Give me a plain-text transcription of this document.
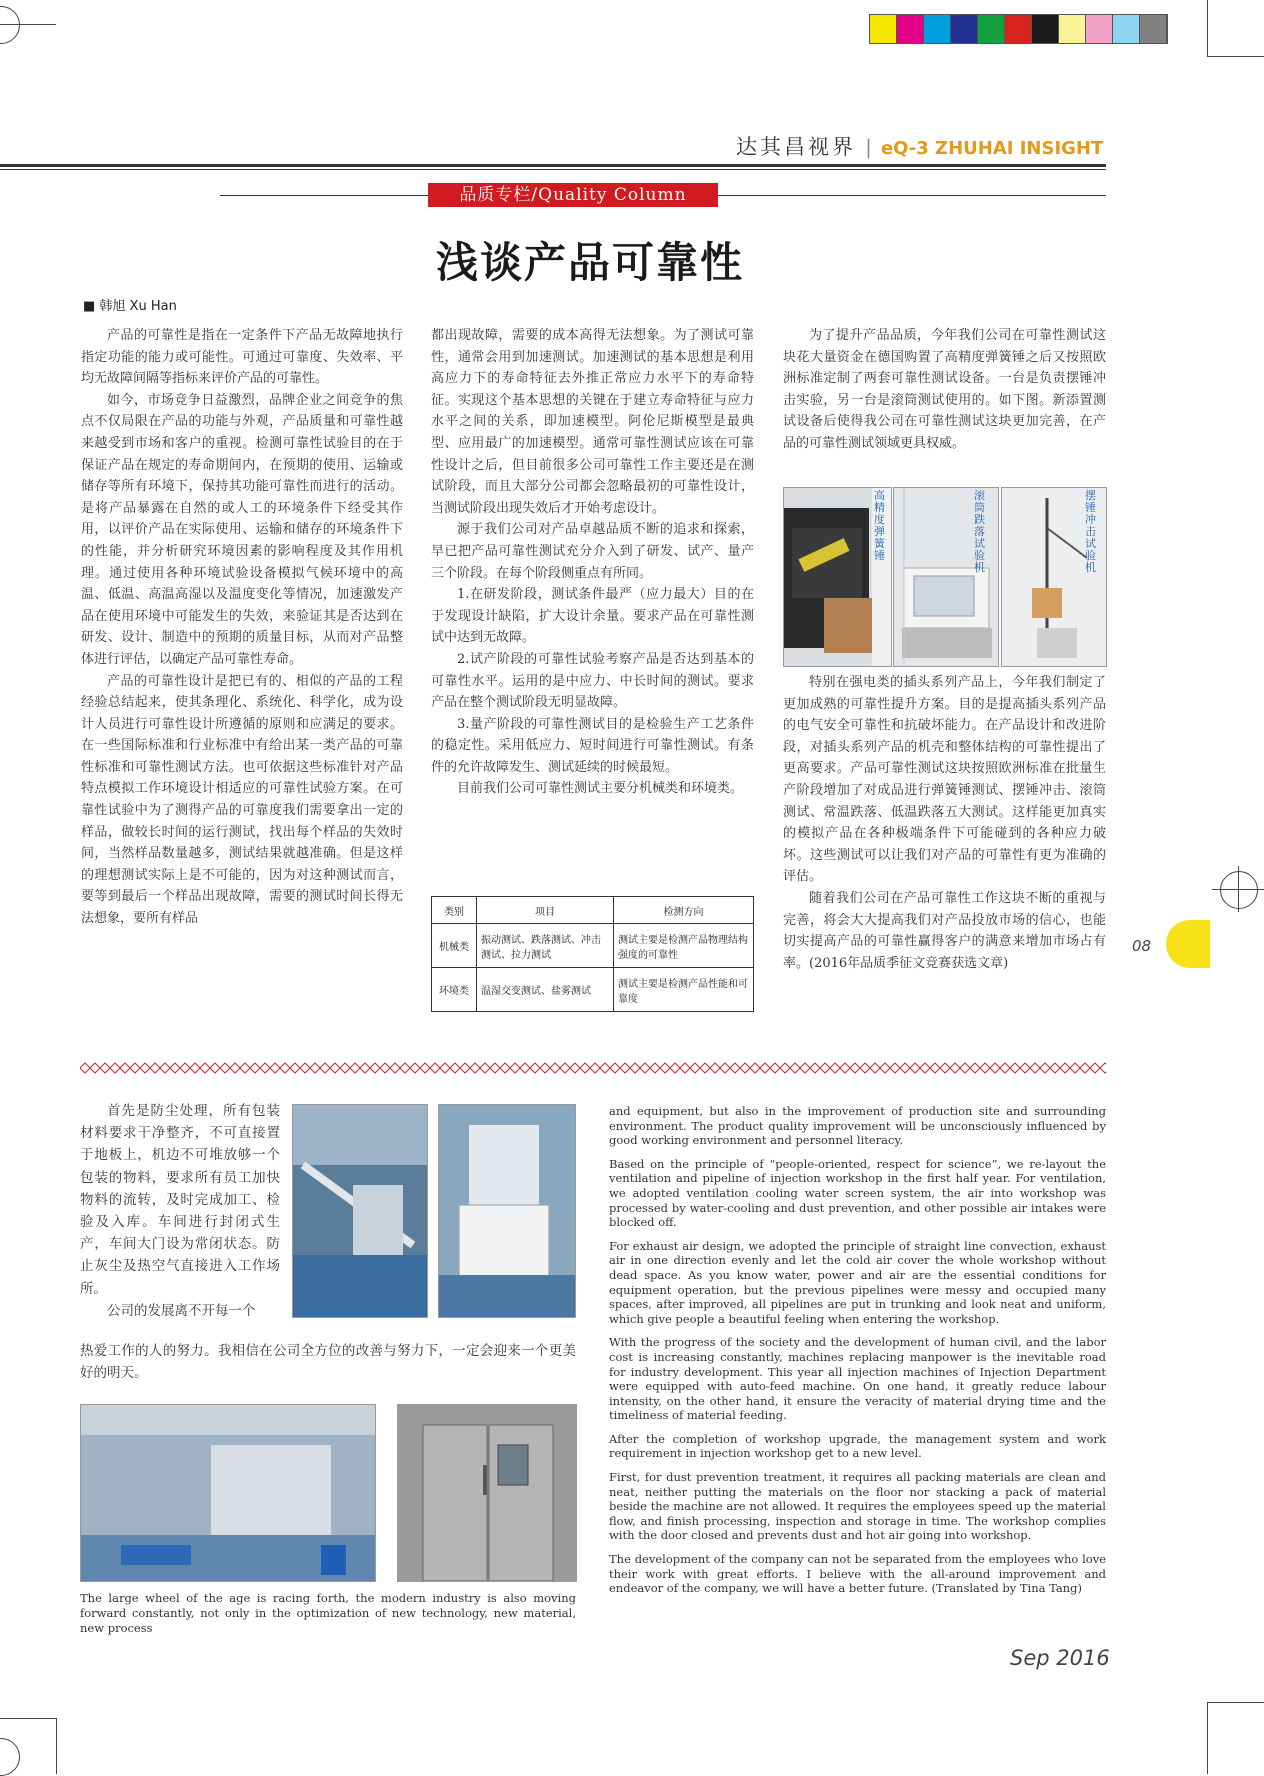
达其昌视界 | eQ-3 ZHUHAI INSIGHT
品质专栏/Quality Column
浅谈产品可靠性
■ 韩旭 Xu Han

产品的可靠性是指在一定条件下产品无故障地执行指定功能的能力或可能性。可通过可靠度、失效率、平均无故障间隔等指标来评价产品的可靠性。

如今，市场竞争日益激烈，品牌企业之间竞争的焦点不仅局限在产品的功能与外观，产品质量和可靠性越来越受到市场和客户的重视。检测可靠性试验目的在于保证产品在规定的寿命期间内，在预期的使用、运输或储存等所有环境下，保持其功能可靠性而进行的活动。是将产品暴露在自然的或人工的环境条件下经受其作用，以评价产品在实际使用、运输和储存的环境条件下的性能，并分析研究环境因素的影响程度及其作用机理。通过使用各种环境试验设备模拟气候环境中的高温、低温、高温高湿以及温度变化等情况，加速激发产品在使用环境中可能发生的失效，来验证其是否达到在研发、设计、制造中的预期的质量目标，从而对产品整体进行评估，以确定产品可靠性寿命。

产品的可靠性设计是把已有的、相似的产品的工程经验总结起来，使其条理化、系统化、科学化，成为设计人员进行可靠性设计所遵循的原则和应满足的要求。在一些国际标准和行业标准中有给出某一类产品的可靠性标准和可靠性测试方法。也可依据这些标准针对产品特点模拟工作环境设计相适应的可靠性试验方案。在可靠性试验中为了测得产品的可靠度我们需要拿出一定的样品，做较长时间的运行测试，找出每个样品的失效时间，当然样品数量越多，测试结果就越准确。但是这样的理想测试实际上是不可能的，因为对这种测试而言，要等到最后一个样品出现故障，需要的测试时间长得无法想象，要所有样品

都出现故障，需要的成本高得无法想象。为了测试可靠性，通常会用到加速测试。加速测试的基本思想是利用高应力下的寿命特征去外推正常应力水平下的寿命特征。实现这个基本思想的关键在于建立寿命特征与应力水平之间的关系，即加速模型。阿伦尼斯模型是最典型、应用最广的加速模型。通常可靠性测试应该在可靠性设计之后，但目前很多公司可靠性工作主要还是在测试阶段，而且大部分公司都会忽略最初的可靠性设计，当测试阶段出现失效后才开始考虑设计。

源于我们公司对产品卓越品质不断的追求和探索，早已把产品可靠性测试充分介入到了研发、试产、量产三个阶段。在每个阶段侧重点有所同。

1.在研发阶段，测试条件最严（应力最大）目的在于发现设计缺陷，扩大设计余量。要求产品在可靠性测试中达到无故障。

2.试产阶段的可靠性试验考察产品是否达到基本的可靠性水平。运用的是中应力、中长时间的测试。要求产品在整个测试阶段无明显故障。

3.量产阶段的可靠性测试目的是检验生产工艺条件的稳定性。采用低应力、短时间进行可靠性测试。有条件的允许故障发生、测试延续的时候最短。

目前我们公司可靠性测试主要分机械类和环境类。

类别	项目	检测方向
机械类	振动测试、跌落测试、冲击测试、拉力测试	测试主要是检测产品物理结构强度的可靠性
环境类	温湿交变测试、盐雾测试	测试主要是检测产品性能和可靠度

为了提升产品品质，今年我们公司在可靠性测试这块花大量资金在德国购置了高精度弹簧锤之后又按照欧洲标准定制了两套可靠性测试设备。一台是负责摆锤冲击实验，另一台是滚筒测试使用的。如下图。新添置测试设备后使得我公司在可靠性测试这块更加完善，在产品的可靠性测试领域更具权威。

高精度弹簧锤
滚筒跌落试验机
摆锤冲击试验机

特别在强电类的插头系列产品上，今年我们制定了更加成熟的可靠性提升方案。目的是提高插头系列产品的电气安全可靠性和抗破坏能力。在产品设计和改进阶段，对插头系列产品的机壳和整体结构的可靠性提出了更高要求。产品可靠性测试这块按照欧洲标准在批量生产阶段增加了对成品进行弹簧锤测试、摆锤冲击、滚筒测试、常温跌落、低温跌落五大测试。这样能更加真实的模拟产品在各种极端条件下可能碰到的各种应力破坏。这些测试可以让我们对产品的可靠性有更为准确的评估。

随着我们公司在产品可靠性工作这块不断的重视与完善，将会大大提高我们对产品投放市场的信心，也能切实提高产品的可靠性赢得客户的满意来增加市场占有率。(2016年品质季征文竞赛获选文章)

08

首先是防尘处理，所有包装材料要求干净整齐，不可直接置于地板上，机边不可堆放够一个包装的物料，要求所有员工加快物料的流转，及时完成加工、检验及入库。车间进行封闭式生产，车间大门设为常闭状态。防止灰尘及热空气直接进入工作场所。

公司的发展离不开每一个

热爱工作的人的努力。我相信在公司全方位的改善与努力下，一定会迎来一个更美好的明天。

The large wheel of the age is racing forth, the modern industry is also moving forward constantly, not only in the optimization of new technology, new material, new process

and equipment, but also in the improvement of production site and surrounding environment. The product quality improvement will be unconsciously influenced by good working environment and personnel literacy.

Based on the principle of “people-oriented, respect for science”, we re-layout the ventilation and pipeline of injection workshop in the first half year. For ventilation, we adopted ventilation cooling water screen system, the air into workshop was processed by water-cooling and dust prevention, and other possible air intakes were blocked off.

For exhaust air design, we adopted the principle of straight line convection, exhaust air in one direction evenly and let the cold air cover the whole workshop without dead space. As you know water, power and air are the essential conditions for equipment operation, but the previous pipelines were messy and occupied many spaces, after improved, all pipelines are put in trunking and look neat and uniform, which give people a beautiful feeling when entering the workshop.

With the progress of the society and the development of human civil, and the labor cost is increasing constantly, machines replacing manpower is the inevitable road for industry development. This year all injection machines of Injection Department were equipped with auto-feed machine. On one hand, it greatly reduce labour intensity, on the other hand, it ensure the veracity of material drying time and the timeliness of material feeding.

After the completion of workshop upgrade, the management system and work requirement in injection workshop get to a new level.

First, for dust prevention treatment, it requires all packing materials are clean and neat, neither putting the materials on the floor nor stacking a pack of material beside the machine are not allowed. It requires the employees speed up the material flow, and finish processing, inspection and storage in time. The workshop complies with the door closed and prevents dust and hot air going into workshop.

The development of the company can not be separated from the employees who love their work with great efforts. I believe with the all-around improvement and endeavor of the company, we will have a better future. (Translated by Tina Tang)

Sep 2016
